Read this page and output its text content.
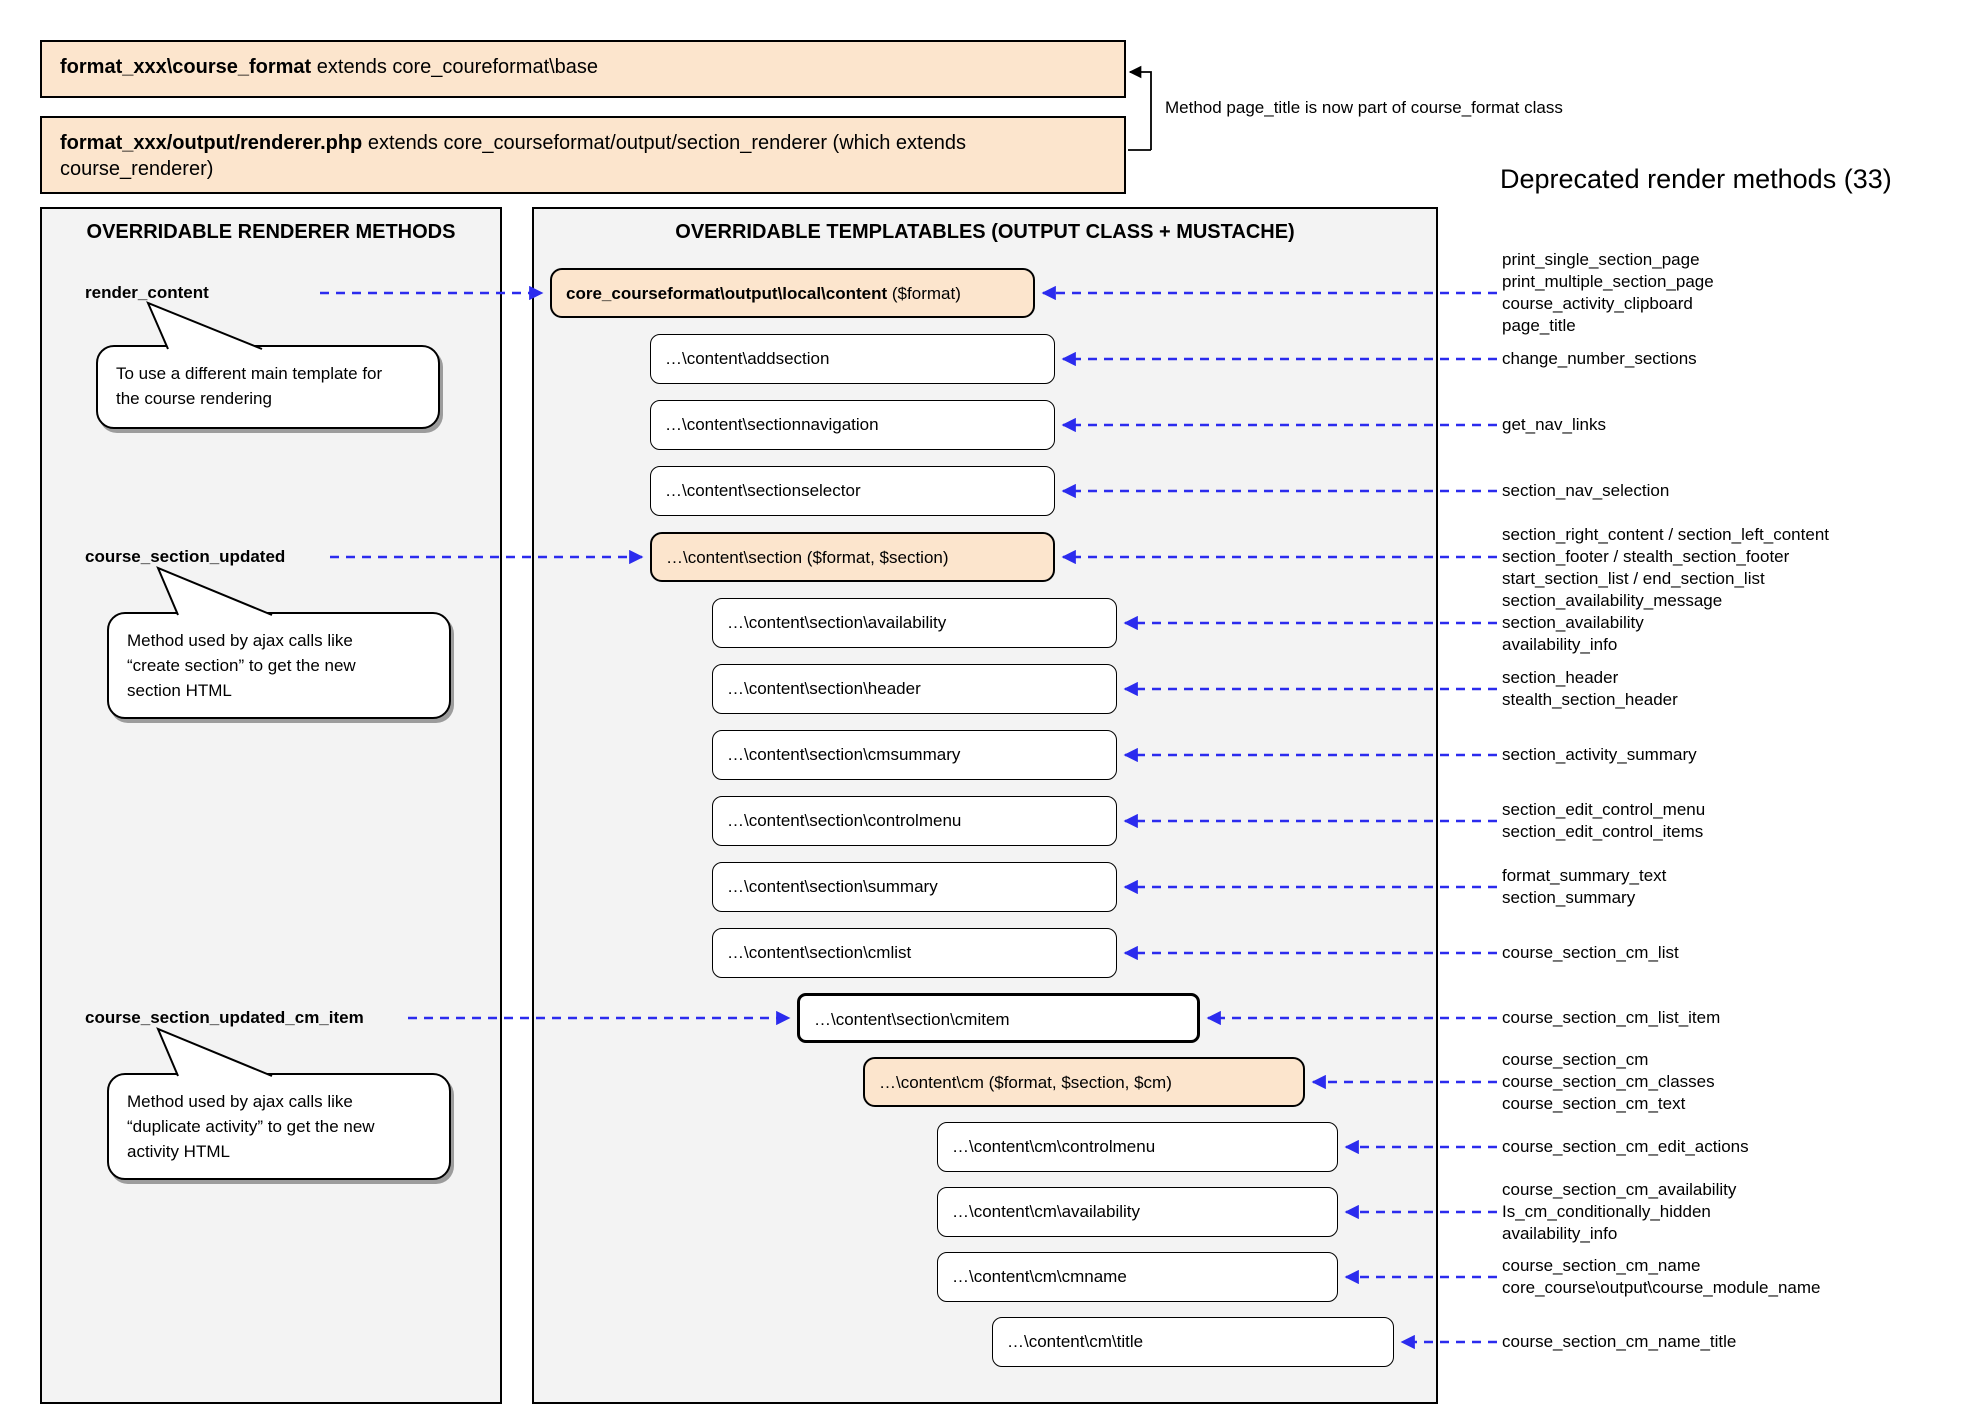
format_xxx\course_format extends core_coureformat\base
format_xxx/output/renderer.php extends core_courseformat/output/section_renderer (which extends course_renderer)
Method page_title is now part of course_format class
Deprecated render methods (33)
OVERRIDABLE RENDERER METHODS	OVERRIDABLE TEMPLATABLES (OUTPUT CLASS + MUSTACHE)
render_content
course_section_updated
course_section_updated_cm_item
To use a different main template for
the course rendering
Method used by ajax calls like
“create section” to get the new
section HTML
Method used by ajax calls like
“duplicate activity” to get the new
activity HTML
core_courseformat\output\local\content ($format)
print_single_section_page
print_multiple_section_page
course_activity_clipboard
page_title
…\content\addsection	change_number_sections
…\content\sectionnavigation	get_nav_links
…\content\sectionselector	section_nav_selection
…\content\section ($format, $section)
section_right_content / section_left_content
section_footer / stealth_section_footer
start_section_list / end_section_list
…\content\section\availability
section_availability_message
section_availability
availability_info
…\content\section\header
section_header
stealth_section_header
…\content\section\cmsummary	section_activity_summary
…\content\section\controlmenu
section_edit_control_menu
section_edit_control_items
…\content\section\summary
format_summary_text
section_summary
…\content\section\cmlist	course_section_cm_list
…\content\section\cmitem	course_section_cm_list_item
…\content\cm ($format, $section, $cm)
course_section_cm
course_section_cm_classes
course_section_cm_text
…\content\cm\controlmenu	course_section_cm_edit_actions
…\content\cm\availability
course_section_cm_availability
Is_cm_conditionally_hidden
availability_info
…\content\cm\cmname
course_section_cm_name
core_course\output\course_module_name
…\content\cm\title	course_section_cm_name_title
